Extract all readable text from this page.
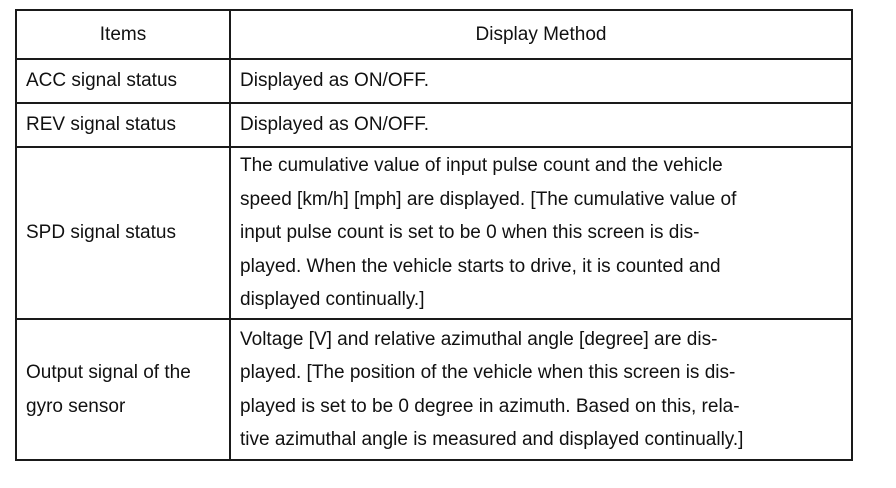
Items	Display Method

ACC signal status	Displayed as ON/OFF.

REV signal status	Displayed as ON/OFF.

SPD signal status	The cumulative value of input pulse count and the vehicle
speed [km/h] [mph] are displayed. [The cumulative value of
input pulse count is set to be 0 when this screen is dis-
played. When the vehicle starts to drive, it is counted and
displayed continually.]

Output signal of the
gyro sensor	Voltage [V] and relative azimuthal angle [degree] are dis-
played. [The position of the vehicle when this screen is dis-
played is set to be 0 degree in azimuth. Based on this, rela-
tive azimuthal angle is measured and displayed continually.]
